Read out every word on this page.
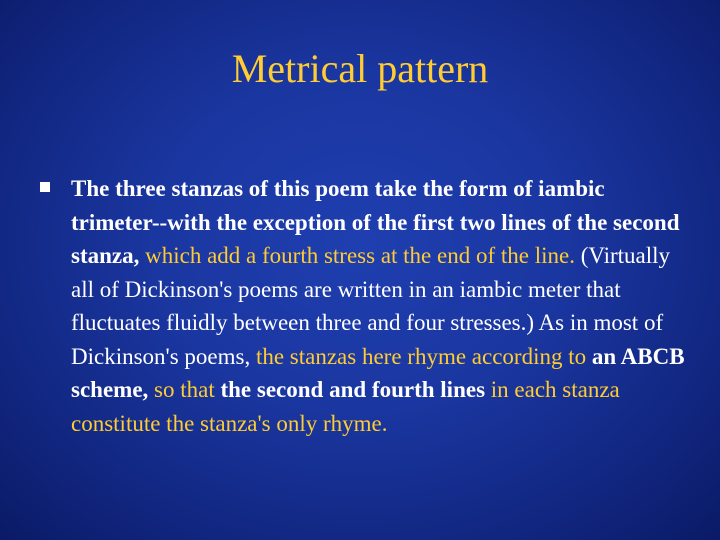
Metrical pattern
The three stanzas of this poem take the form of iambic trimeter--with the exception of the first two lines of the second stanza, which add a fourth stress at the end of the line. (Virtually all of Dickinson's poems are written in an iambic meter that fluctuates fluidly between three and four stresses.) As in most of Dickinson's poems, the stanzas here rhyme according to an ABCB scheme, so that the second and fourth lines in each stanza constitute the stanza's only rhyme.
